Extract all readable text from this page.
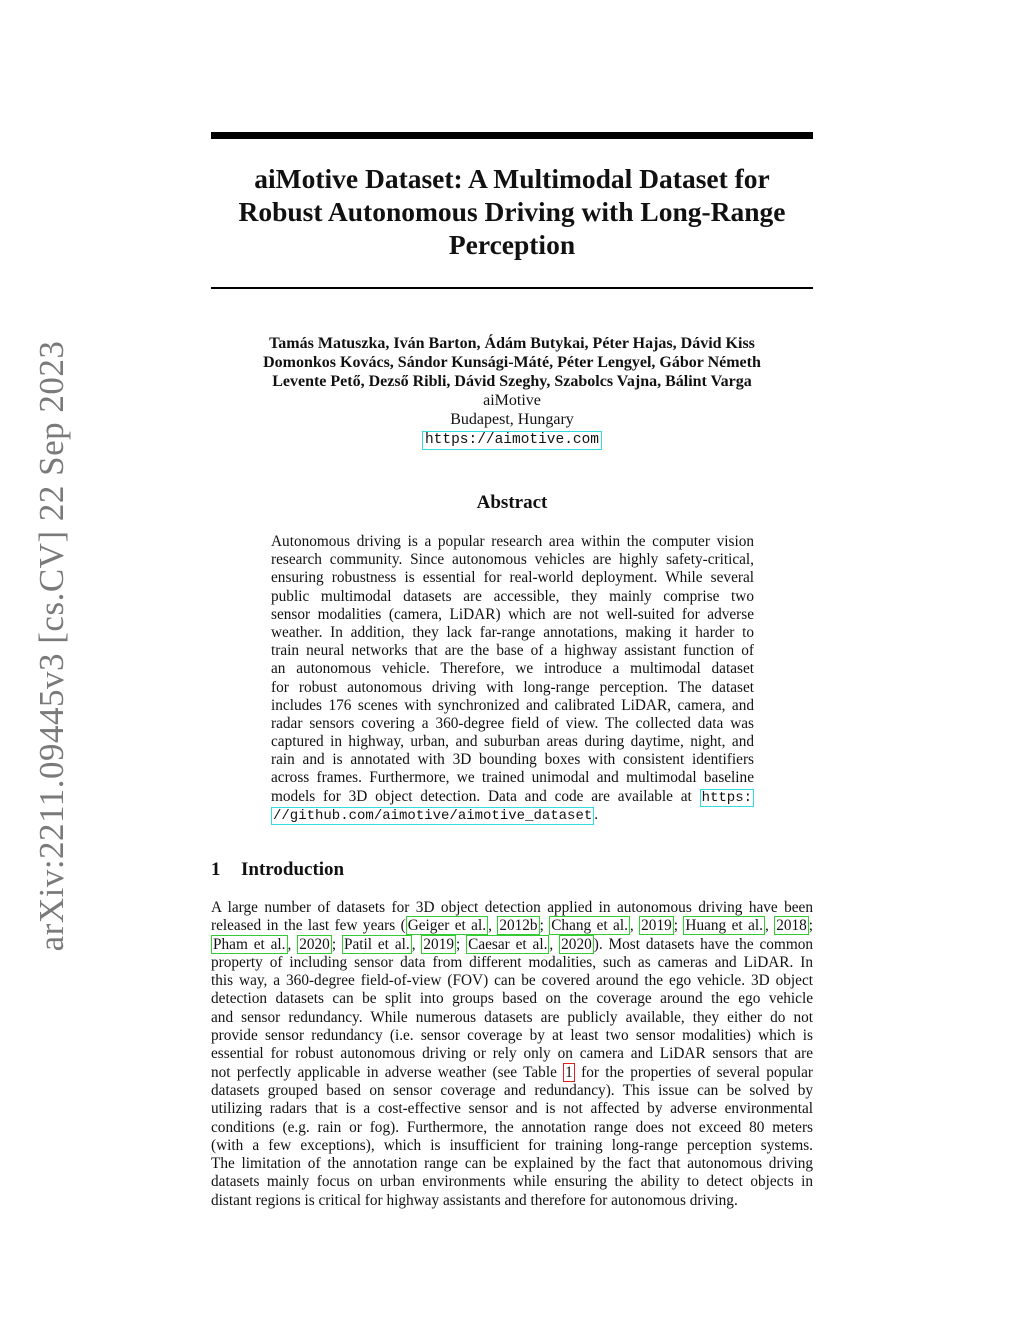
arXiv:2211.09445v3 [cs.CV] 22 Sep 2023
aiMotive Dataset: A Multimodal Dataset for
Robust Autonomous Driving with Long-Range
Perception
Tamás Matuszka, Iván Barton, Ádám Butykai, Péter Hajas, Dávid Kiss
Domonkos Kovács, Sándor Kunsági-Máté, Péter Lengyel, Gábor Németh
Levente Pető, Dezső Ribli, Dávid Szeghy, Szabolcs Vajna, Bálint Varga
aiMotive
Budapest, Hungary
https://aimotive.com
Abstract
Autonomous driving is a popular research area within the computer vision
research community. Since autonomous vehicles are highly safety-critical,
ensuring robustness is essential for real-world deployment. While several
public multimodal datasets are accessible, they mainly comprise two
sensor modalities (camera, LiDAR) which are not well-suited for adverse
weather. In addition, they lack far-range annotations, making it harder to
train neural networks that are the base of a highway assistant function of
an autonomous vehicle. Therefore, we introduce a multimodal dataset
for robust autonomous driving with long-range perception. The dataset
includes 176 scenes with synchronized and calibrated LiDAR, camera, and
radar sensors covering a 360-degree field of view. The collected data was
captured in highway, urban, and suburban areas during daytime, night, and
rain and is annotated with 3D bounding boxes with consistent identifiers
across frames. Furthermore, we trained unimodal and multimodal baseline
models for 3D object detection. Data and code are available at https:
//github.com/aimotive/aimotive_dataset .
1 Introduction
A large number of datasets for 3D object detection applied in autonomous driving have been
released in the last few years ( Geiger et al. , 2012b ; Chang et al. , 2019 ; Huang et al. , 2018 ;
Pham et al. , 2020 ; Patil et al. , 2019 ; Caesar et al. , 2020 ). Most datasets have the common
property of including sensor data from different modalities, such as cameras and LiDAR. In
this way, a 360-degree field-of-view (FOV) can be covered around the ego vehicle. 3D object
detection datasets can be split into groups based on the coverage around the ego vehicle
and sensor redundancy. While numerous datasets are publicly available, they either do not
provide sensor redundancy (i.e. sensor coverage by at least two sensor modalities) which is
essential for robust autonomous driving or rely only on camera and LiDAR sensors that are
not perfectly applicable in adverse weather (see Table 1 for the properties of several popular
datasets grouped based on sensor coverage and redundancy). This issue can be solved by
utilizing radars that is a cost-effective sensor and is not affected by adverse environmental
conditions (e.g. rain or fog). Furthermore, the annotation range does not exceed 80 meters
(with a few exceptions), which is insufficient for training long-range perception systems.
The limitation of the annotation range can be explained by the fact that autonomous driving
datasets mainly focus on urban environments while ensuring the ability to detect objects in
distant regions is critical for highway assistants and therefore for autonomous driving.
